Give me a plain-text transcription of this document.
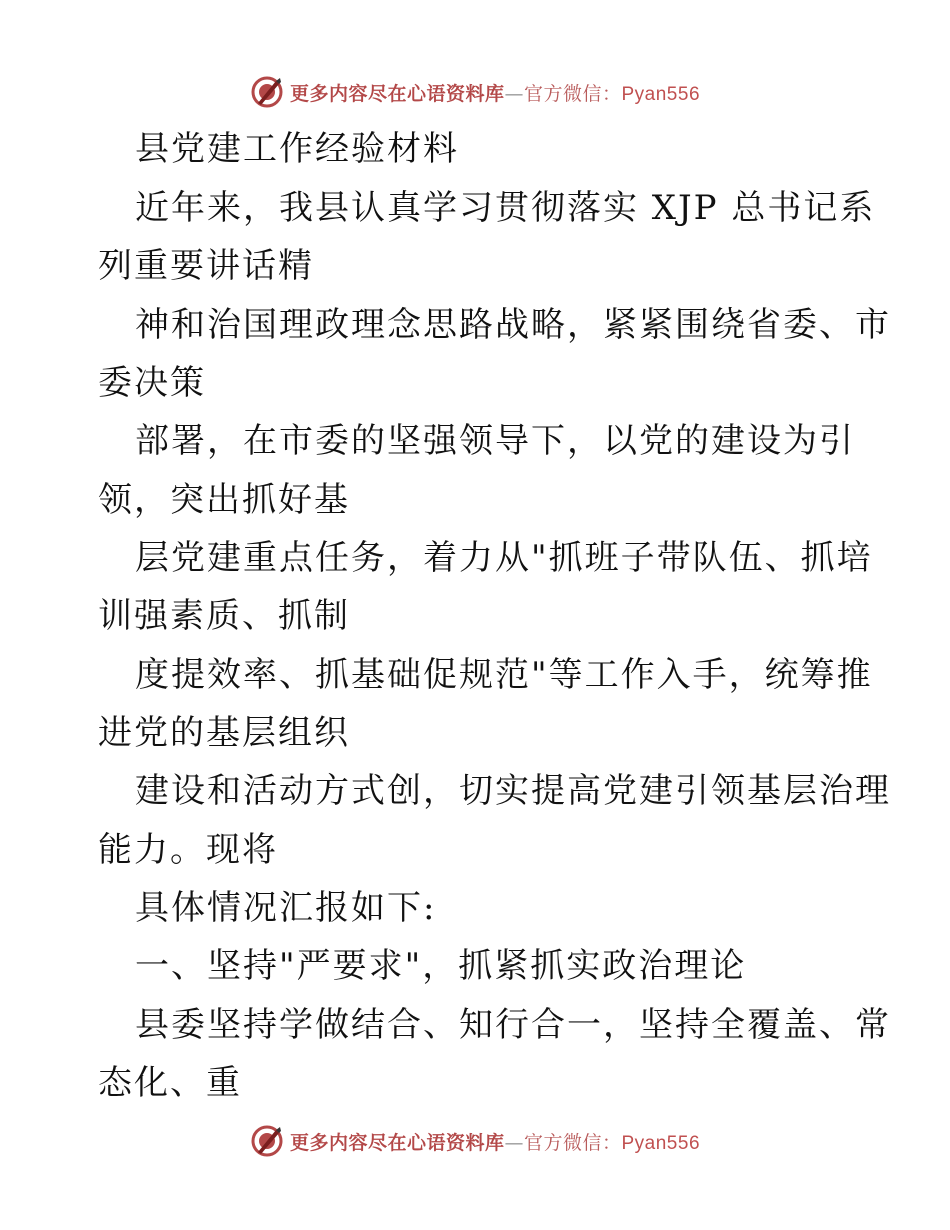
更多内容尽在心语资料库—官方微信：Pyan556
县党建工作经验材料
近年来，我县认真学习贯彻落实 XJP 总书记系
列重要讲话精
神和治国理政理念思路战略，紧紧围绕省委、市
委决策
部署，在市委的坚强领导下，以党的建设为引
领，突出抓好基
层党建重点任务，着力从"抓班子带队伍、抓培
训强素质、抓制
度提效率、抓基础促规范"等工作入手，统筹推
进党的基层组织
建设和活动方式创，切实提高党建引领基层治理
能力。现将
具体情况汇报如下:
一、坚持"严要求"，抓紧抓实政治理论
县委坚持学做结合、知行合一，坚持全覆盖、常
态化、重
更多内容尽在心语资料库—官方微信：Pyan556
